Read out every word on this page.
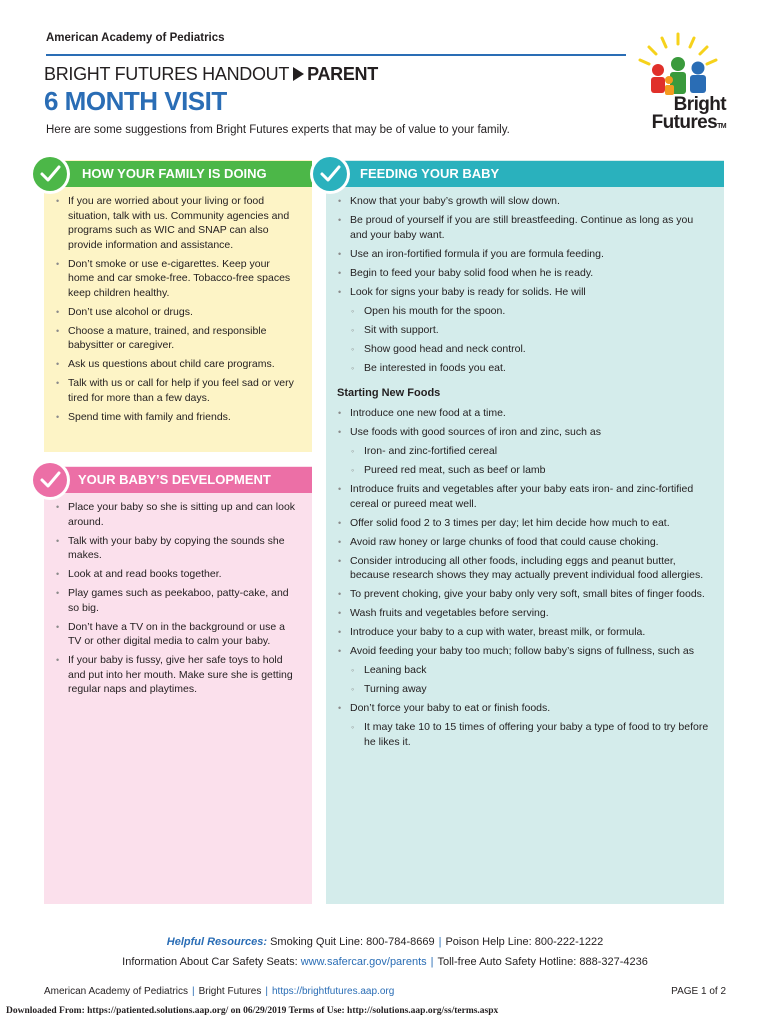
American Academy of Pediatrics
BRIGHT FUTURES HANDOUT PARENT
6 MONTH VISIT
Here are some suggestions from Bright Futures experts that may be of value to your family.
Bright
FuturesTM
HOW YOUR FAMILY IS DOING
YOUR BABY’S DEVELOPMENT
FEEDING YOUR BABY
• If you are worried about your living or food situation, talk with us. Community agencies and programs such as WIC and SNAP can also provide information and assistance.
• Don’t smoke or use e-cigarettes. Keep your home and car smoke-free. Tobacco-free spaces keep children healthy.
• Don’t use alcohol or drugs.
• Choose a mature, trained, and responsible babysitter or caregiver.
• Ask us questions about child care programs.
• Talk with us or call for help if you feel sad or very tired for more than a few days.
• Spend time with family and friends.
• Place your baby so she is sitting up and can look around.
• Talk with your baby by copying the sounds she makes.
• Look at and read books together.
• Play games such as peekaboo, patty-cake, and so big.
• Don’t have a TV on in the background or use a TV or other digital media to calm your baby.
• If your baby is fussy, give her safe toys to hold and put into her mouth. Make sure she is getting regular naps and playtimes.
• Know that your baby’s growth will slow down.
• Be proud of yourself if you are still breastfeeding. Continue as long as you and your baby want.
• Use an iron-fortified formula if you are formula feeding.
• Begin to feed your baby solid food when he is ready.
• Look for signs your baby is ready for solids. He will
◦ Open his mouth for the spoon.
◦ Sit with support.
◦ Show good head and neck control.
◦ Be interested in foods you eat.
Starting New Foods
• Introduce one new food at a time.
• Use foods with good sources of iron and zinc, such as
◦ Iron- and zinc-fortified cereal
◦ Pureed red meat, such as beef or lamb
• Introduce fruits and vegetables after your baby eats iron- and zinc-fortified cereal or pureed meat well.
• Offer solid food 2 to 3 times per day; let him decide how much to eat.
• Avoid raw honey or large chunks of food that could cause choking.
• Consider introducing all other foods, including eggs and peanut butter, because research shows they may actually prevent individual food allergies.
• To prevent choking, give your baby only very soft, small bites of finger foods.
• Wash fruits and vegetables before serving.
• Introduce your baby to a cup with water, breast milk, or formula.
• Avoid feeding your baby too much; follow baby’s signs of fullness, such as
◦ Leaning back
◦ Turning away
• Don’t force your baby to eat or finish foods.
◦ It may take 10 to 15 times of offering your baby a type of food to try before he likes it.
Helpful Resources: Smoking Quit Line: 800-784-8669 | Poison Help Line: 800-222-1222
Information About Car Safety Seats: www.safercar.gov/parents | Toll-free Auto Safety Hotline: 888-327-4236
American Academy of Pediatrics | Bright Futures | https://brightfutures.aap.org	PAGE 1 of 2
Downloaded From: https://patiented.solutions.aap.org/ on 06/29/2019 Terms of Use: http://solutions.aap.org/ss/terms.aspx
